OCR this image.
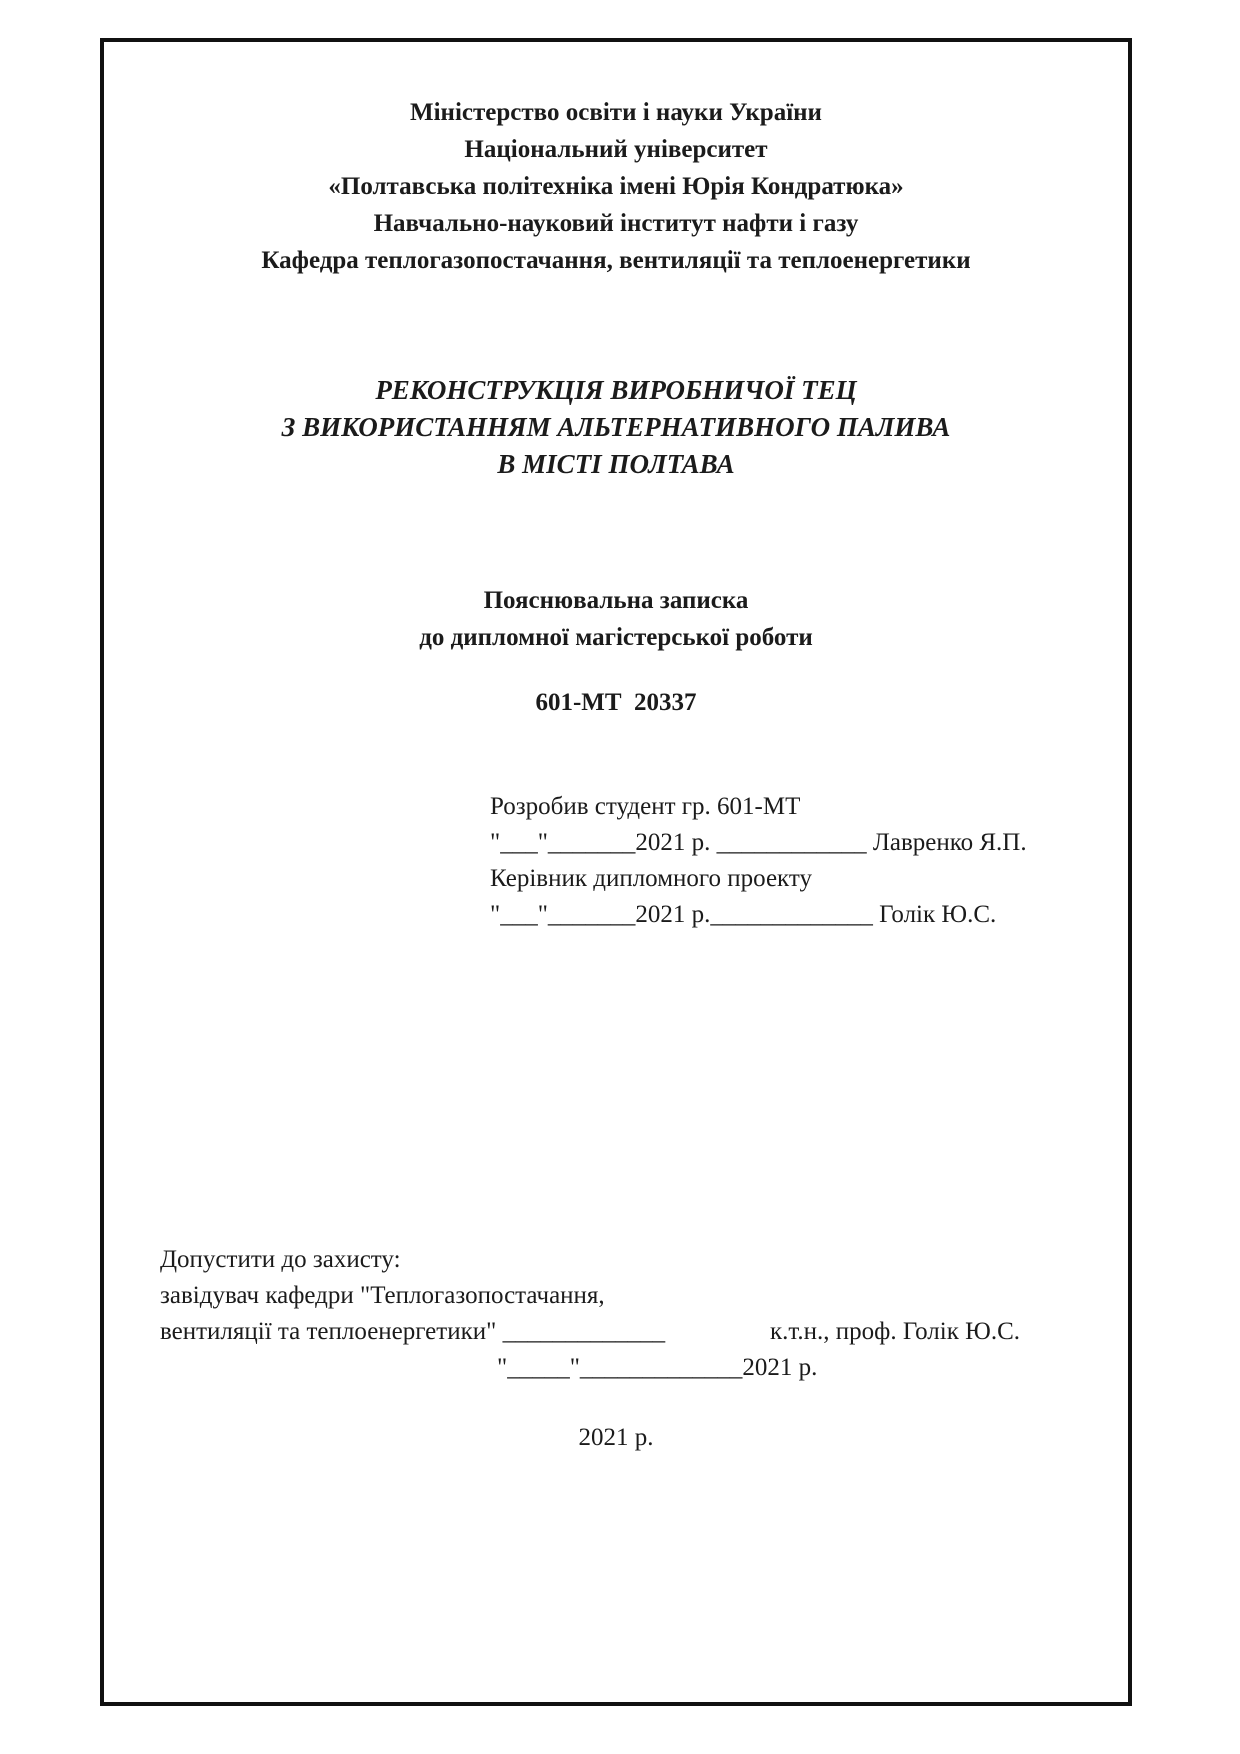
Міністерство освіти і науки України
Національний університет
«Полтавська політехніка імені Юрія Кондратюка»
Навчально-науковий інститут нафти і газу
Кафедра теплогазопостачання, вентиляції та теплоенергетики
РЕКОНСТРУКЦІЯ ВИРОБНИЧОЇ ТЕЦ
З ВИКОРИСТАННЯМ АЛЬТЕРНАТИВНОГО ПАЛИВА
В МІСТІ ПОЛТАВА
Пояснювальна записка
до дипломної магістерської роботи
601-МТ  20337
Розробив студент гр. 601-МТ
"___"_______2021 р. ____________ Лавренко Я.П.
Керівник дипломного проекту
"___"_______2021 р._____________ Голік Ю.С.
Допустити до захисту:
завідувач кафедри "Теплогазопостачання,
вентиляції та теплоенергетики" _____________	к.т.н., проф. Голік Ю.С.
"_____"_____________2021 р.
2021 р.
